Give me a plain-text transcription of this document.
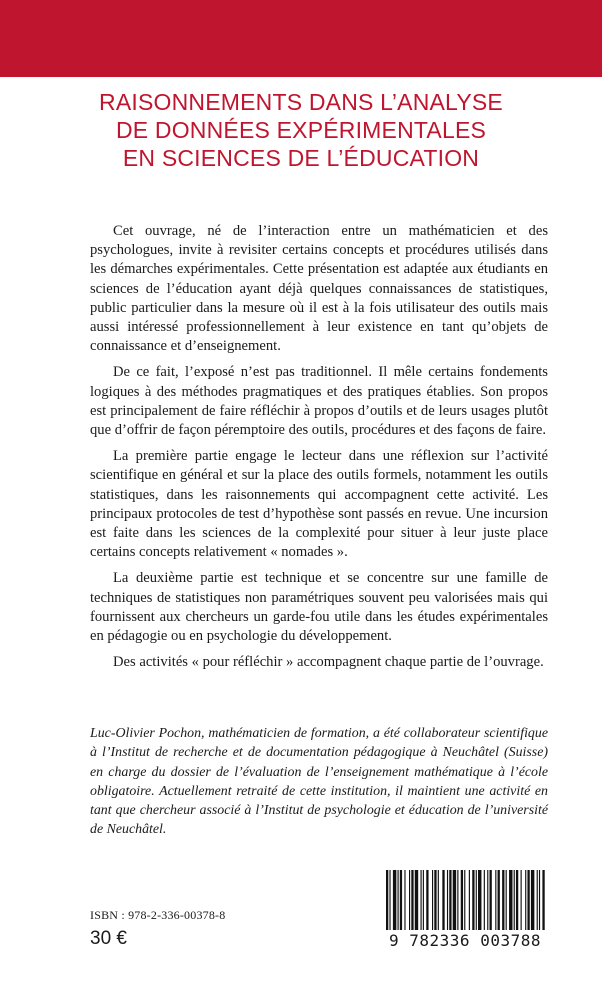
RAISONNEMENTS DANS L’ANALYSE
DE DONNÉES EXPÉRIMENTALES
EN SCIENCES DE L’ÉDUCATION

Cet ouvrage, né de l’interaction entre un mathématicien et des psychologues, invite à revisiter certains concepts et procédures utilisés dans les démarches expérimentales. Cette présentation est adaptée aux étudiants en sciences de l’éducation ayant déjà quelques connaissances de statistiques, public particulier dans la mesure où il est à la fois utilisateur des outils mais aussi intéressé professionnellement à leur existence en tant qu’objets de connaissance et d’enseignement.

De ce fait, l’exposé n’est pas traditionnel. Il mêle certains fondements logiques à des méthodes pragmatiques et des pratiques établies. Son propos est principalement de faire réfléchir à propos d’outils et de leurs usages plutôt que d’offrir de façon péremptoire des outils, procédures et des façons de faire.

La première partie engage le lecteur dans une réflexion sur l’activité scientifique en général et sur la place des outils formels, notamment les outils statistiques, dans les raisonnements qui accompagnent cette activité. Les principaux protocoles de test d’hypothèse sont passés en revue. Une incursion est faite dans les sciences de la complexité pour situer à leur juste place certains concepts relativement « nomades ».

La deuxième partie est technique et se concentre sur une famille de techniques de statistiques non paramétriques souvent peu valorisées mais qui fournissent aux chercheurs un garde-fou utile dans les études expérimentales en pédagogie ou en psychologie du développement.

Des activités « pour réfléchir » accompagnent chaque partie de l’ouvrage.

Luc-Olivier Pochon, mathématicien de formation, a été collaborateur scientifique à l’Institut de recherche et de documentation pédagogique à Neuchâtel (Suisse) en charge du dossier de l’évaluation de l’enseignement mathématique à l’école obligatoire. Actuellement retraité de cette institution, il maintient une activité en tant que chercheur associé à l’Institut de psychologie et éducation de l’université de Neuchâtel.
ISBN : 978-2-336-00378-8
30 €	9 782336 003788
